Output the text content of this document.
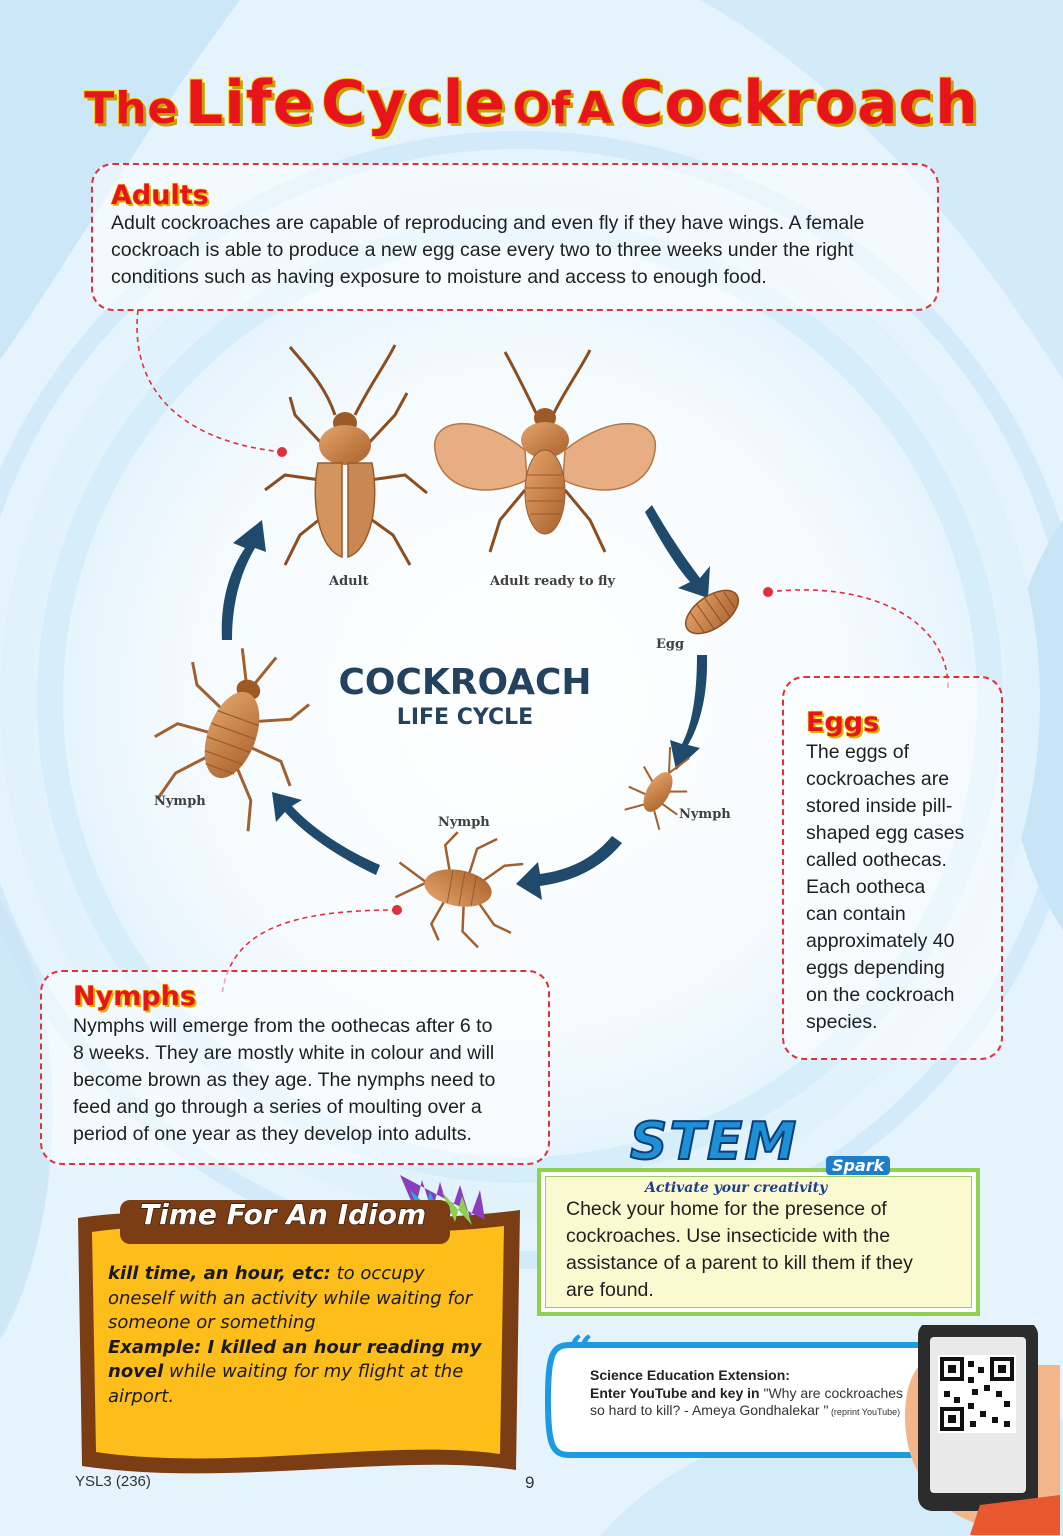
The Life Cycle Of A Cockroach
Adults
Adult cockroaches are capable of reproducing and even fly if they have wings. A female
cockroach is able to produce a new egg case every two to three weeks under the right
conditions such as having exposure to moisture and access to enough food.
Adult	Adult ready to fly
Egg
Nymph
Nymph
Nymph
COCKROACH
LIFE CYCLE	Eggs
The eggs of
cockroaches are
stored inside pill-
shaped egg cases
called oothecas.
Each ootheca
can contain
approximately 40
eggs depending
on the cockroach
species.
Nymphs
Nymphs will emerge from the oothecas after 6 to
8 weeks. They are mostly white in colour and will
become brown as they age. The nymphs need to
feed and go through a series of moulting over a
period of one year as they develop into adults.
Time For An Idiom
kill time, an hour, etc: to occupy oneself with an activity while waiting for someone or something
Example: I killed an hour reading my novel while waiting for my flight at the airport.
STEM	Spark
Activate your creativity
Check your home for the presence of
cockroaches. Use insecticide with the
assistance of a parent to kill them if they
are found.
“
Science Education Extension:
Enter YouTube and key in "Why are cockroaches so hard to kill? - Ameya Gondhalekar " (reprint YouTube)
YSL3 (236)	9
